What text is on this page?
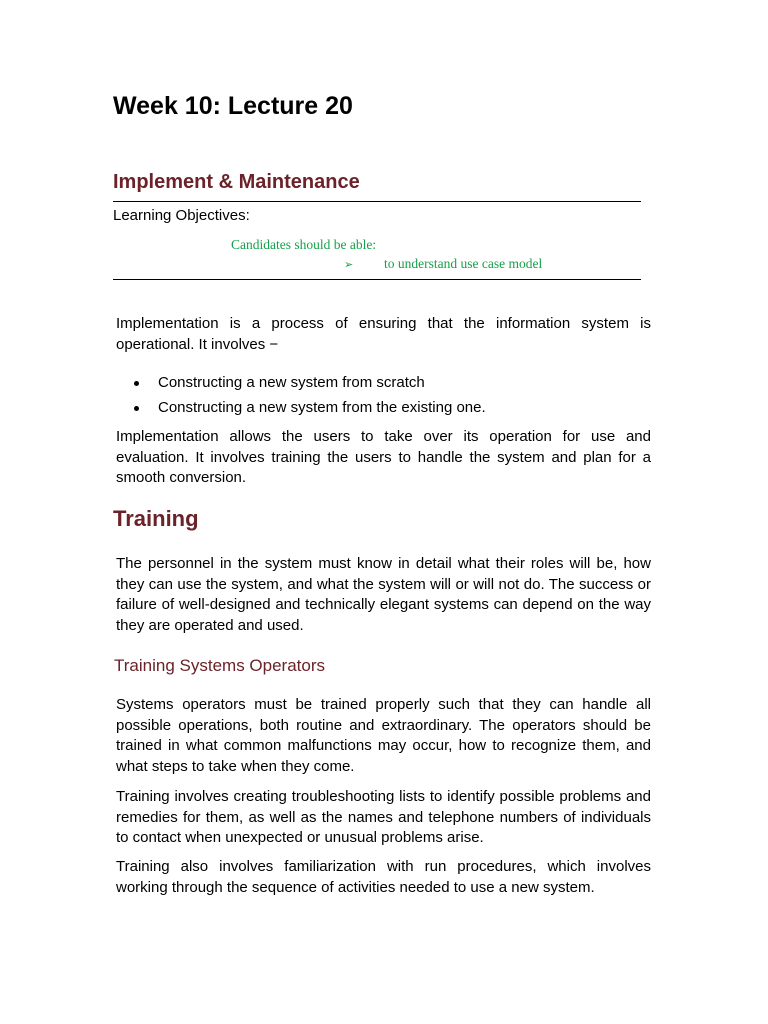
Week 10: Lecture 20
Implement & Maintenance
Learning Objectives:
Candidates should be able:
➢	to understand use case model

Implementation is a process of ensuring that the information system is operational. It involves −

Constructing a new system from scratch
Constructing a new system from the existing one.

Implementation allows the users to take over its operation for use and evaluation. It involves training the users to handle the system and plan for a smooth conversion.

Training

The personnel in the system must know in detail what their roles will be, how they can use the system, and what the system will or will not do. The success or failure of well-designed and technically elegant systems can depend on the way they are operated and used.

Training Systems Operators

Systems operators must be trained properly such that they can handle all possible operations, both routine and extraordinary. The operators should be trained in what common malfunctions may occur, how to recognize them, and what steps to take when they come.

Training involves creating troubleshooting lists to identify possible problems and remedies for them, as well as the names and telephone numbers of individuals to contact when unexpected or unusual problems arise.

Training also involves familiarization with run procedures, which involves working through the sequence of activities needed to use a new system.
